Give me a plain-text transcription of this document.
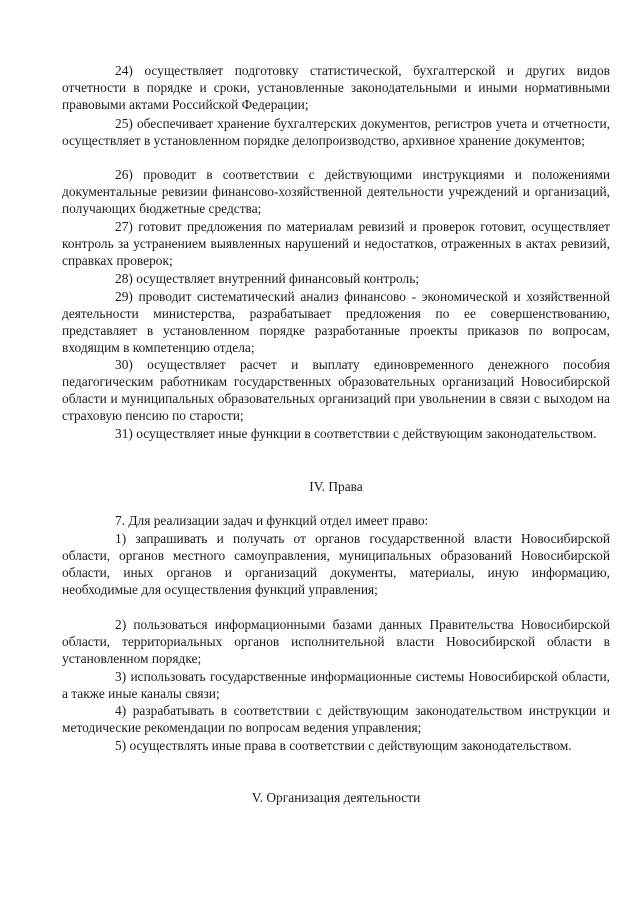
24) осуществляет подготовку статистической, бухгалтерской и других видов отчетности в порядке и сроки, установленные законодательными и иными нормативными правовыми актами Российской Федерации;

25) обеспечивает хранение бухгалтерских документов, регистров учета и отчетности, осуществляет в установленном порядке делопроизводство, архивное хранение документов;

26) проводит в соответствии с действующими инструкциями и положениями документальные ревизии финансово-хозяйственной деятельности учреждений и организаций, получающих бюджетные средства;

27) готовит предложения по материалам ревизий и проверок готовит, осуществляет контроль за устранением выявленных нарушений и недостатков, отраженных в актах ревизий, справках проверок;

28) осуществляет внутренний финансовый контроль;

29) проводит систематический анализ финансово - экономической и хозяйственной деятельности министерства, разрабатывает предложения по ее совершенствованию, представляет в установленном порядке разработанные проекты приказов по вопросам, входящим в компетенцию отдела;

30) осуществляет расчет и выплату единовременного денежного пособия педагогическим работникам государственных образовательных организаций Новосибирской области и муниципальных образовательных организаций при увольнении в связи с выходом на страховую пенсию по старости;

31) осуществляет иные функции в соответствии с действующим законодательством.

IV. Права

7. Для реализации задач и функций отдел имеет право:

1) запрашивать и получать от органов государственной власти Новосибирской области, органов местного самоуправления, муниципальных образований Новосибирской области, иных органов и организаций документы, материалы, иную информацию, необходимые для осуществления функций управления;

2) пользоваться информационными базами данных Правительства Новосибирской области, территориальных органов исполнительной власти Новосибирской области в установленном порядке;

3) использовать государственные информационные системы Новосибирской области, а также иные каналы связи;

4) разрабатывать в соответствии с действующим законодательством инструкции и методические рекомендации по вопросам ведения управления;

5) осуществлять иные права в соответствии с действующим законодательством.

V. Организация деятельности
